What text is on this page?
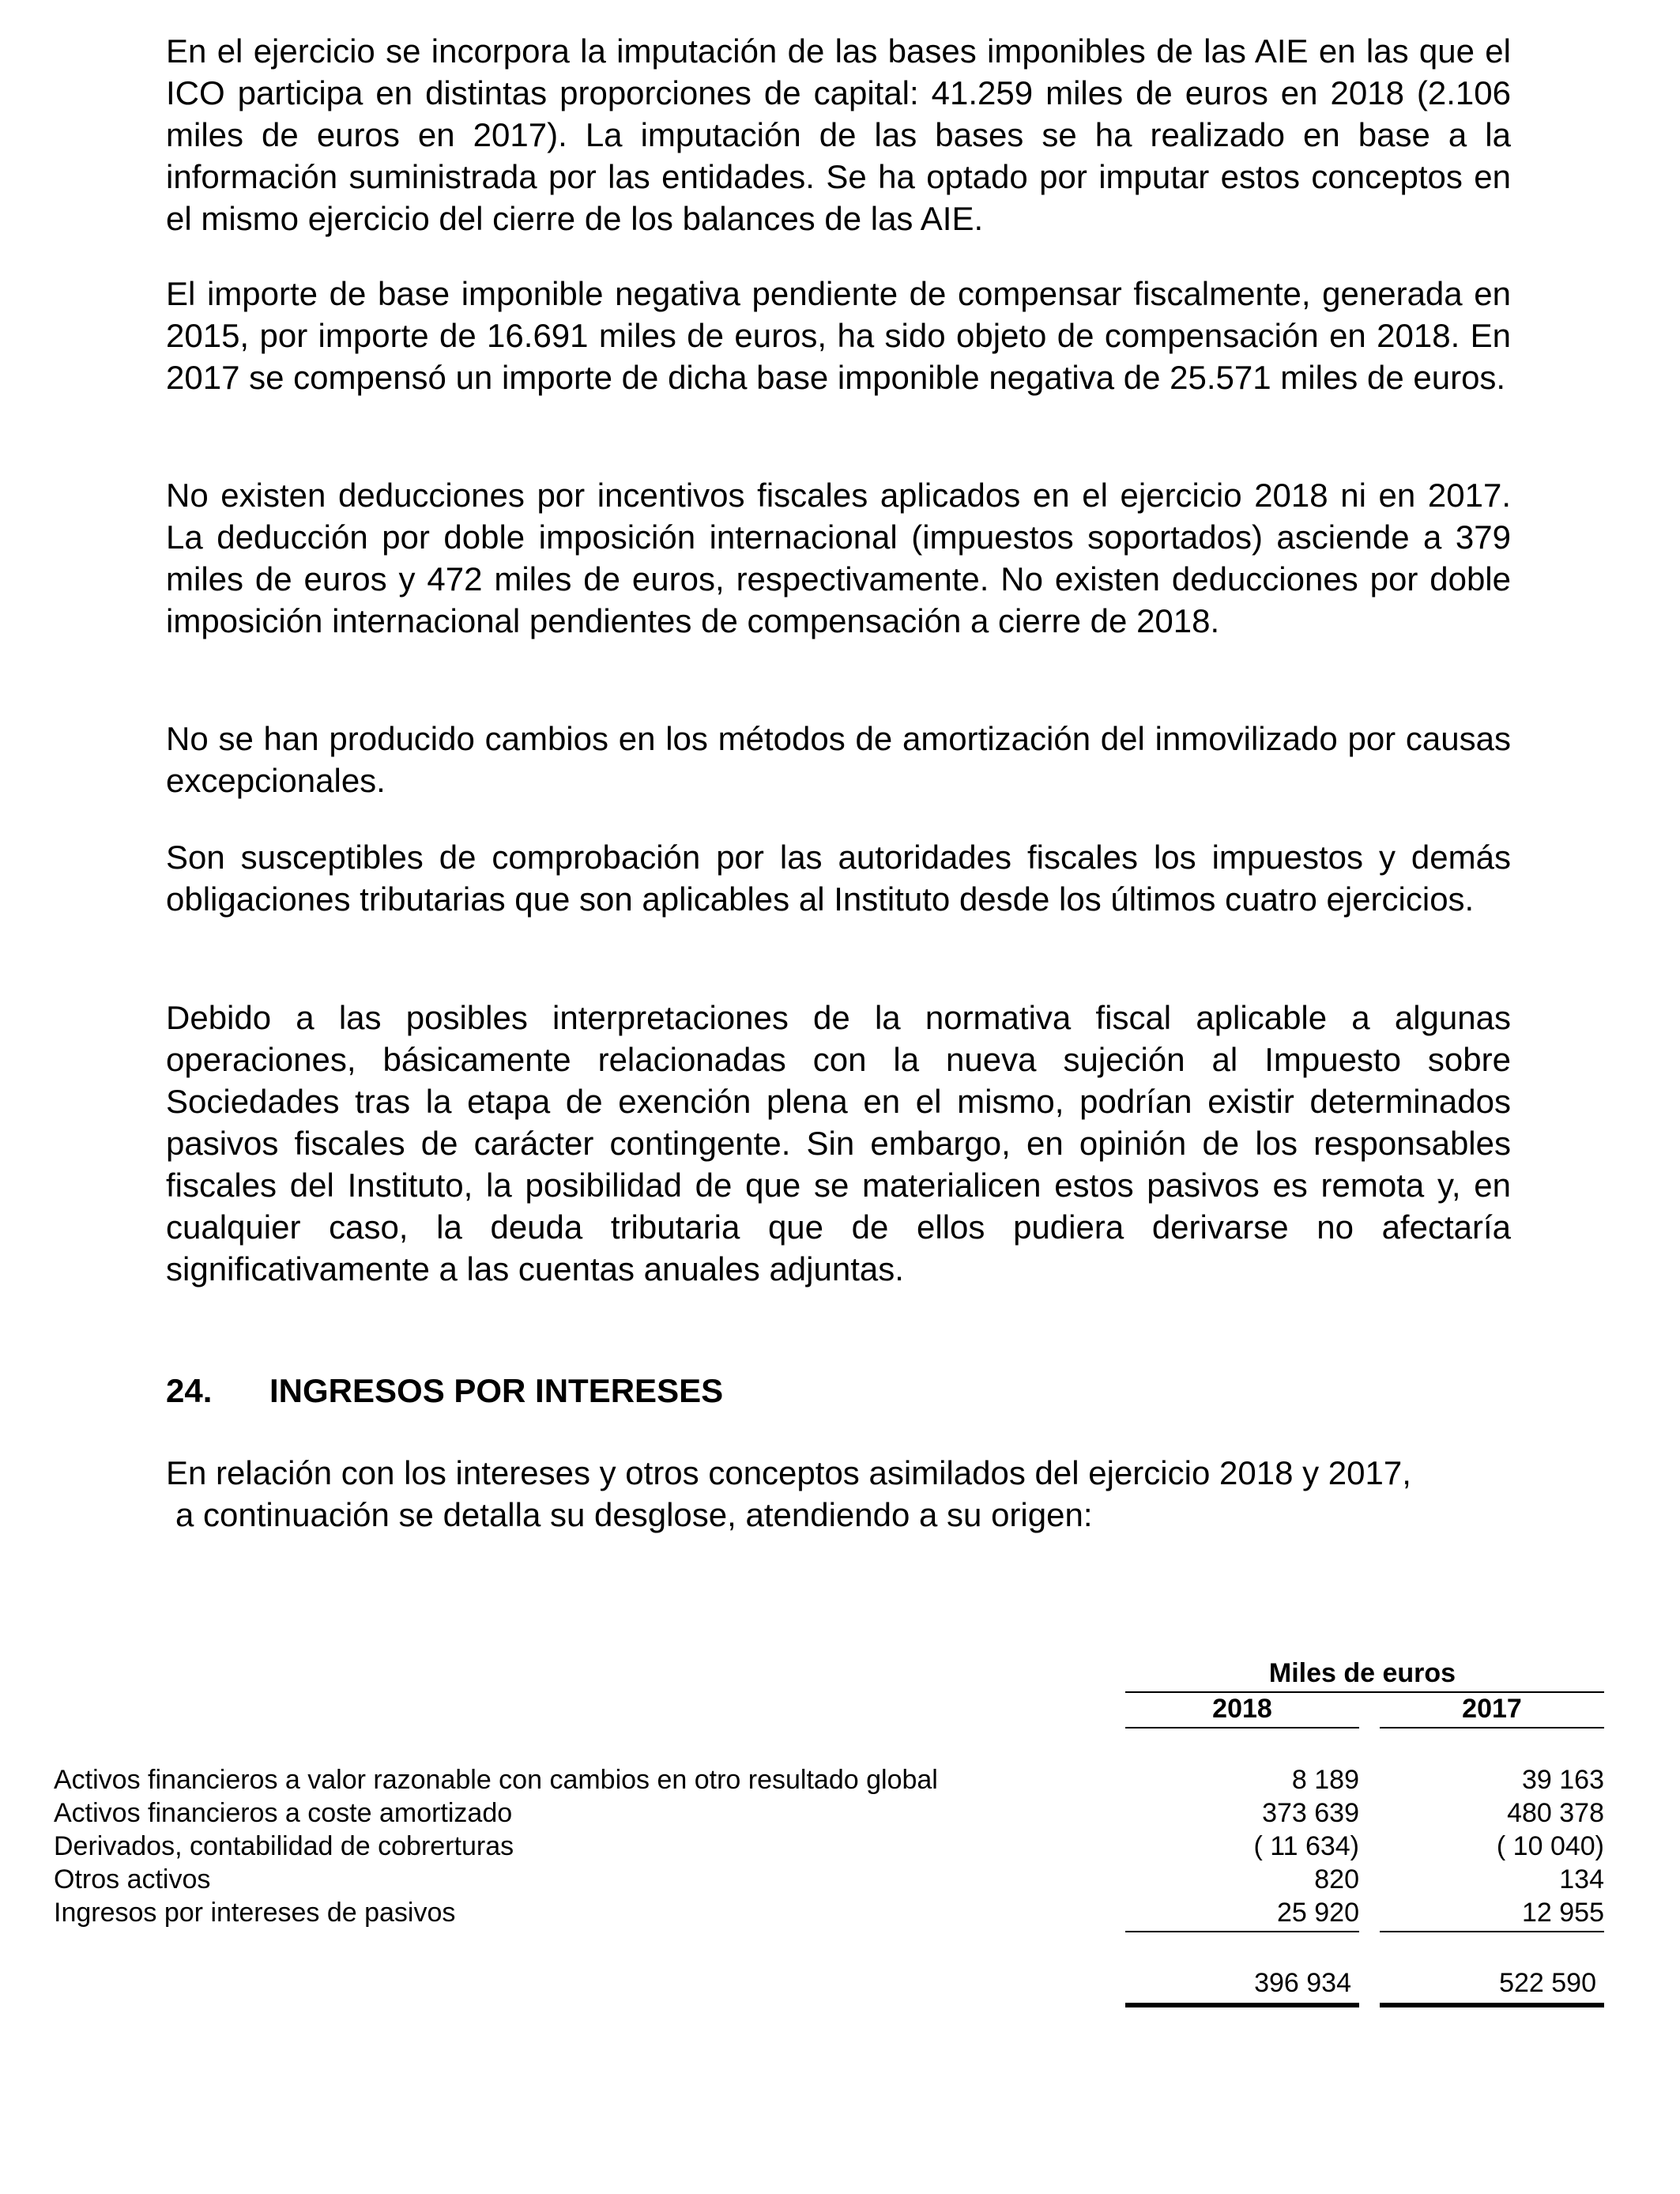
En el ejercicio se incorpora la imputación de las bases imponibles de las AIE en las que el ICO participa en distintas proporciones de capital: 41.259 miles de euros en 2018 (2.106 miles de euros en 2017). La imputación de las bases se ha realizado en base a la información suministrada por las entidades. Se ha optado por imputar estos conceptos en el mismo ejercicio del cierre de los balances de las AIE.

El importe de base imponible negativa pendiente de compensar fiscalmente, generada en 2015, por importe de 16.691 miles de euros, ha sido objeto de compensación en 2018. En 2017 se compensó un importe de dicha base imponible negativa de 25.571 miles de euros.

No existen deducciones por incentivos fiscales aplicados en el ejercicio 2018 ni en 2017. La deducción por doble imposición internacional (impuestos soportados) asciende a 379 miles de euros y 472 miles de euros, respectivamente. No existen deducciones por doble imposición internacional pendientes de compensación a cierre de 2018.

No se han producido cambios en los métodos de amortización del inmovilizado por causas excepcionales.

Son susceptibles de comprobación por las autoridades fiscales los impuestos y demás obligaciones tributarias que son aplicables al Instituto desde los últimos cuatro ejercicios.

Debido a las posibles interpretaciones de la normativa fiscal aplicable a algunas operaciones, básicamente relacionadas con la nueva sujeción al Impuesto sobre Sociedades tras la etapa de exención plena en el mismo, podrían existir determinados pasivos fiscales de carácter contingente. Sin embargo, en opinión de los responsables fiscales del Instituto, la posibilidad de que se materialicen estos pasivos es remota y, en cualquier caso, la deuda tributaria que de ellos pudiera derivarse no afectaría significativamente a las cuentas anuales adjuntas.

24. INGRESOS POR INTERESES

En relación con los intereses y otros conceptos asimilados del ejercicio 2018 y 2017,
a continuación se detalla su desglose, atendiendo a su origen:

Miles de euros
2018	2017
Activos financieros a valor razonable con cambios en otro resultado global	8 189	39 163
Activos financieros a coste amortizado	373 639	480 378
Derivados, contabilidad de cobrerturas	( 11 634)	( 10 040)
Otros activos	820	134
Ingresos por intereses de pasivos	25 920	12 955
396 934	522 590
